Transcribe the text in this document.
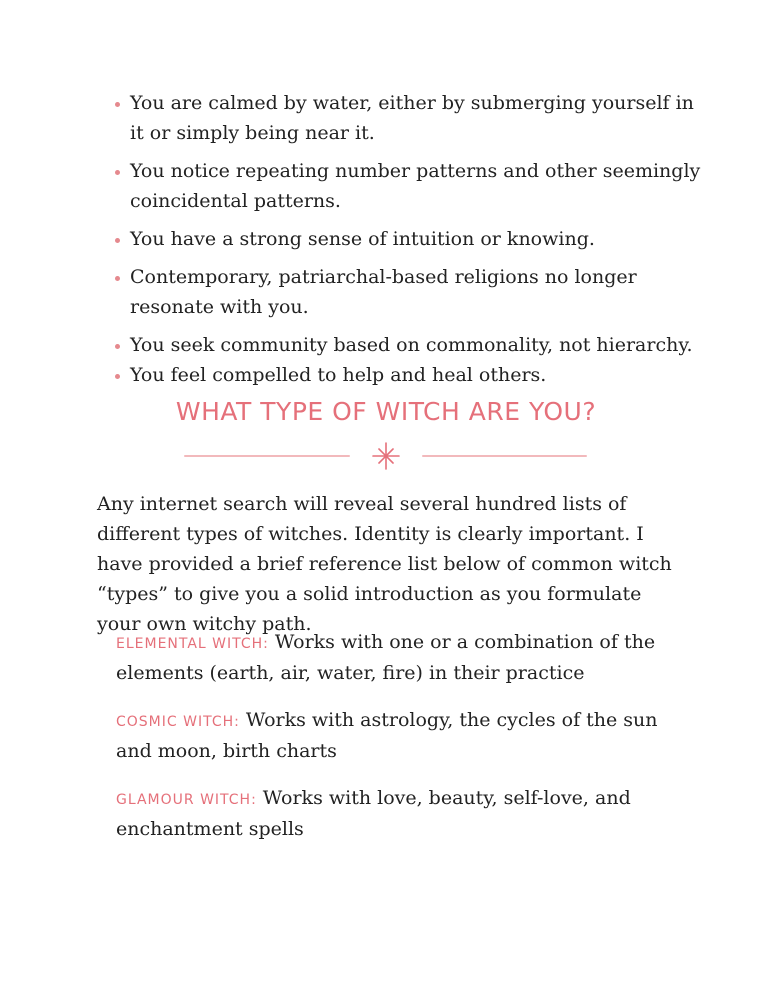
You are calmed by water, either by submerging yourself in it or simply being near it.
You notice repeating number patterns and other seemingly coincidental patterns.
You have a strong sense of intuition or knowing.
Contemporary, patriarchal-based religions no longer resonate with you.
You seek community based on commonality, not hierarchy.
You feel compelled to help and heal others.
WHAT TYPE OF WITCH ARE YOU?

Any internet search will reveal several hundred lists of different types of witches. Identity is clearly important. I have provided a brief reference list below of common witch “types” to give you a solid introduction as you formulate your own witchy path.

ELEMENTAL WITCH: Works with one or a combination of the elements (earth, air, water, fire) in their practice

COSMIC WITCH: Works with astrology, the cycles of the sun and moon, birth charts

GLAMOUR WITCH: Works with love, beauty, self-love, and enchantment spells
